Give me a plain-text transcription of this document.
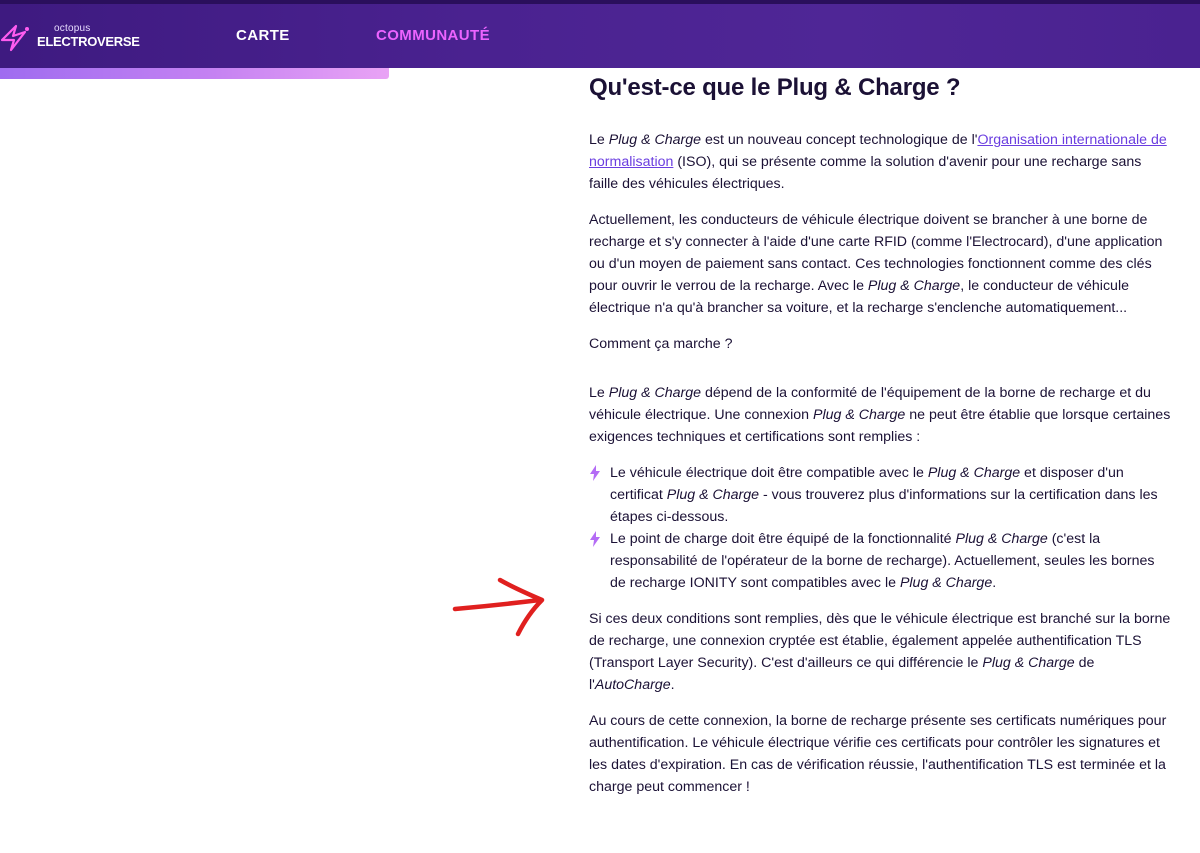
octopus
ELECTROVERSE	CARTE	COMMUNAUTÉ
Qu'est-ce que le Plug & Charge ?

Le Plug & Charge est un nouveau concept technologique de l'Organisation internationale de normalisation (ISO), qui se présente comme la solution d'avenir pour une recharge sans faille des véhicules électriques.

Actuellement, les conducteurs de véhicule électrique doivent se brancher à une borne de recharge et s'y connecter à l'aide d'une carte RFID (comme l'Electrocard), d'une application ou d'un moyen de paiement sans contact. Ces technologies fonctionnent comme des clés pour ouvrir le verrou de la recharge. Avec le Plug & Charge, le conducteur de véhicule électrique n'a qu'à brancher sa voiture, et la recharge s'enclenche automatiquement...

Comment ça marche ?

Le Plug & Charge dépend de la conformité de l'équipement de la borne de recharge et du véhicule électrique. Une connexion Plug & Charge ne peut être établie que lorsque certaines exigences techniques et certifications sont remplies :

Le véhicule électrique doit être compatible avec le Plug & Charge et disposer d'un certificat Plug & Charge - vous trouverez plus d'informations sur la certification dans les étapes ci-dessous.
Le point de charge doit être équipé de la fonctionnalité Plug & Charge (c'est la responsabilité de l'opérateur de la borne de recharge). Actuellement, seules les bornes de recharge IONITY sont compatibles avec le Plug & Charge.

Si ces deux conditions sont remplies, dès que le véhicule électrique est branché sur la borne de recharge, une connexion cryptée est établie, également appelée authentification TLS (Transport Layer Security). C'est d'ailleurs ce qui différencie le Plug & Charge de l'AutoCharge.

Au cours de cette connexion, la borne de recharge présente ses certificats numériques pour authentification. Le véhicule électrique vérifie ces certificats pour contrôler les signatures et les dates d'expiration. En cas de vérification réussie, l'authentification TLS est terminée et la charge peut commencer !
